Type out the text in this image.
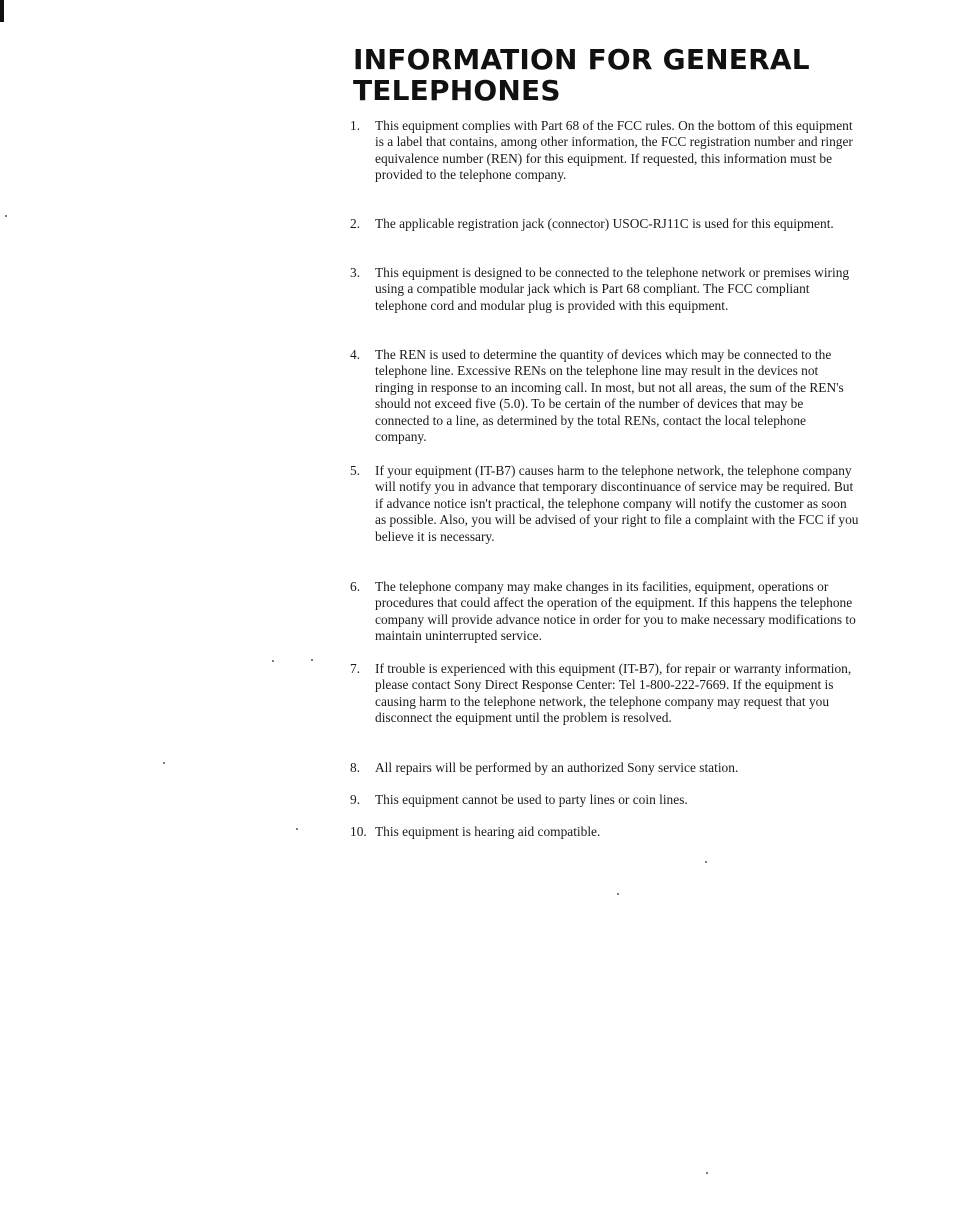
INFORMATION FOR GENERAL TELEPHONES
1.	This equipment complies with Part 68 of the FCC rules. On the bottom of this equipment is a label that contains, among other information, the FCC registration number and ringer equivalence number (REN) for this equipment. If requested, this information must be provided to the telephone company.
2.	The applicable registration jack (connector) USOC-RJ11C is used for this equipment.
3.	This equipment is designed to be connected to the telephone network or premises wiring using a compatible modular jack which is Part 68 compliant. The FCC compliant telephone cord and modular plug is provided with this equipment.
4.	The REN is used to determine the quantity of devices which may be connected to the telephone line. Excessive RENs on the telephone line may result in the devices not ringing in response to an incoming call. In most, but not all areas, the sum of the REN's should not exceed five (5.0). To be certain of the number of devices that may be connected to a line, as determined by the total RENs, contact the local telephone company.
5.	If your equipment (IT-B7) causes harm to the telephone network, the telephone company will notify you in advance that temporary discontinuance of service may be required. But if advance notice isn't practical, the telephone company will notify the customer as soon as possible. Also, you will be advised of your right to file a complaint with the FCC if you believe it is necessary.
6.	The telephone company may make changes in its facilities, equipment, operations or procedures that could affect the operation of the equipment. If this happens the telephone company will provide advance notice in order for you to make necessary modifications to maintain uninterrupted service.
7.	If trouble is experienced with this equipment (IT-B7), for repair or warranty information, please contact Sony Direct Response Center: Tel 1-800-222-7669. If the equipment is causing harm to the telephone network, the telephone company may request that you disconnect the equipment until the problem is resolved.
8.	All repairs will be performed by an authorized Sony service station.
9.	This equipment cannot be used to party lines or coin lines.
10. This equipment is hearing aid compatible.
